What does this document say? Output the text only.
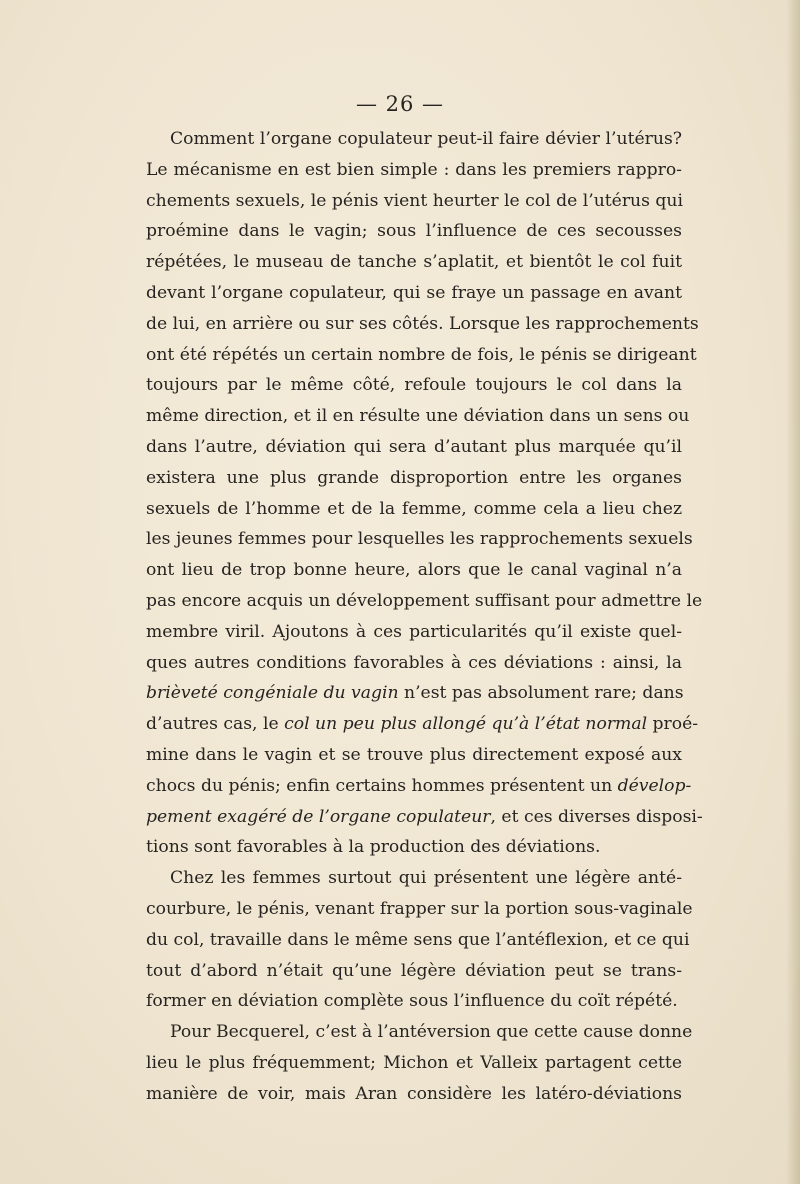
— 26 —
Comment l’organe copulateur peut-il faire dévier l’utérus?
Le mécanisme en est bien simple : dans les premiers rappro-
chements sexuels, le pénis vient heurter le col de l’utérus qui
proémine dans le vagin; sous l’influence de ces secousses
répétées, le museau de tanche s’aplatit, et bientôt le col fuit
devant l’organe copulateur, qui se fraye un passage en avant
de lui, en arrière ou sur ses côtés. Lorsque les rapprochements
ont été répétés un certain nombre de fois, le pénis se dirigeant
toujours par le même côté, refoule toujours le col dans la
même direction, et il en résulte une déviation dans un sens ou
dans l’autre, déviation qui sera d’autant plus marquée qu’il
existera une plus grande disproportion entre les organes
sexuels de l’homme et de la femme, comme cela a lieu chez
les jeunes femmes pour lesquelles les rapprochements sexuels
ont lieu de trop bonne heure, alors que le canal vaginal n’a
pas encore acquis un développement suffisant pour admettre le
membre viril. Ajoutons à ces particularités qu’il existe quel-
ques autres conditions favorables à ces déviations : ainsi, la
brièveté congéniale du vagin n’est pas absolument rare; dans
d’autres cas, le col un peu plus allongé qu’à l’état normal proé-
mine dans le vagin et se trouve plus directement exposé aux
chocs du pénis; enfin certains hommes présentent un dévelop-
pement exagéré de l’organe copulateur, et ces diverses disposi-
tions sont favorables à la production des déviations.
Chez les femmes surtout qui présentent une légère anté-
courbure, le pénis, venant frapper sur la portion sous-vaginale
du col, travaille dans le même sens que l’antéflexion, et ce qui
tout d’abord n’était qu’une légère déviation peut se trans-
former en déviation complète sous l’influence du coït répété.
Pour Becquerel, c’est à l’antéversion que cette cause donne
lieu le plus fréquemment; Michon et Valleix partagent cette
manière de voir, mais Aran considère les latéro-déviations
